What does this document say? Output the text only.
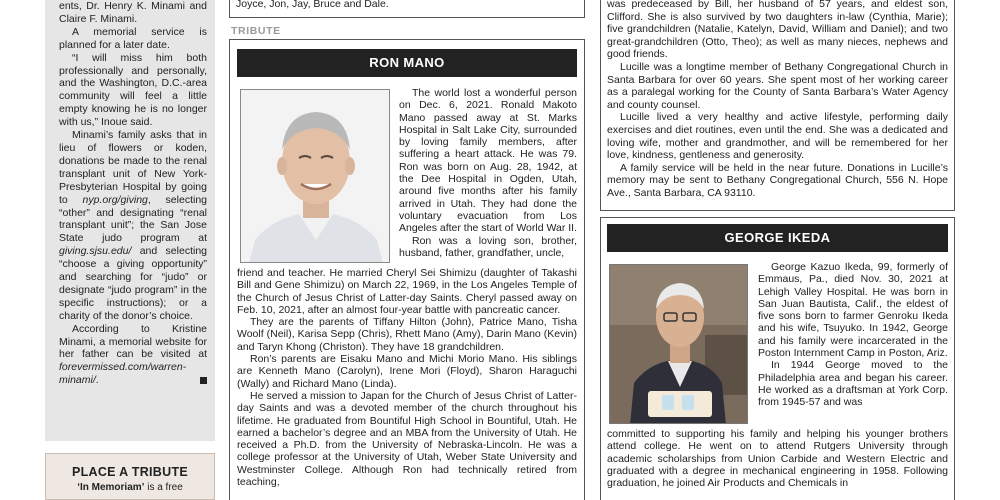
ents, Dr. Henry K. Minami and Claire F. Minami.

A memorial service is planned for a later date.

“I will miss him both professionally and personally, and the Washington, D.C.-area community will feel a little empty knowing he is no longer with us,” Inoue said.

Minami’s family asks that in lieu of flowers or koden, donations be made to the renal transplant unit of New York-Presbyterian Hospital by going to nyp.org/giving, selecting “other” and designating “renal transplant unit”; the San Jose State judo program at giving.sjsu.edu/ and selecting “choose a giving opportunity” and searching for “judo” or designate “judo program” in the specific instructions); or a charity of the donor’s choice.

According to Kristine Minami, a memorial website for her father can be visited at forevermissed.com/warren-minami/.

PLACE A TRIBUTE
‘In Memoriam’ is a free
Joyce, Jon, Jay, Bruce and Dale.
TRIBUTE
RON MANO

The world lost a wonderful person on Dec. 6, 2021. Ronald Makoto Mano passed away at St. Marks Hospital in Salt Lake City, surrounded by loving family members, after suffering a heart attack. He was 79. Ron was born on Aug. 28, 1942, at the Dee Hospital in Ogden, Utah, around five months after his family arrived in Utah. They had done the voluntary evacuation from Los Angeles after the start of World War II.

Ron was a loving son, brother, husband, father, grandfather, uncle,

friend and teacher. He married Cheryl Sei Shimizu (daughter of Takashi Bill and Gene Shimizu) on March 22, 1969, in the Los Angeles Temple of the Church of Jesus Christ of Latter-day Saints. Cheryl passed away on Feb. 10, 2021, after an almost four-year battle with pancreatic cancer.

They are the parents of Tiffany Hilton (John), Patrice Mano, Tisha Woolf (Neil), Karisa Sepp (Chris), Rhett Mano (Amy), Darin Mano (Kevin) and Taryn Khong (Christon). They have 18 grandchildren.

Ron’s parents are Eisaku Mano and Michi Morio Mano. His siblings are Kenneth Mano (Carolyn), Irene Mori (Floyd), Sharon Haraguchi (Wally) and Richard Mano (Linda).

He served a mission to Japan for the Church of Jesus Christ of Latter-day Saints and was a devoted member of the church throughout his lifetime. He graduated from Bountiful High School in Bountiful, Utah. He earned a bachelor’s degree and an MBA from the University of Utah. He received a Ph.D. from the University of Nebraska-Lincoln. He was a college professor at the University of Utah, Weber State University and Westminster College. Although Ron had technically retired from teaching,

was predeceased by Bill, her husband of 57 years, and eldest son, Clifford. She is also survived by two daughters in-law (Cynthia, Marie); five grandchildren (Natalie, Katelyn, David, William and Daniel); and two great-grandchildren (Otto, Theo); as well as many nieces, nephews and good friends.

Lucille was a longtime member of Bethany Congregational Church in Santa Barbara for over 60 years. She spent most of her working career as a paralegal working for the County of Santa Barbara’s Water Agency and county counsel.

Lucille lived a very healthy and active lifestyle, performing daily exercises and diet routines, even until the end. She was a dedicated and loving wife, mother and grandmother, and will be remembered for her love, kindness, gentleness and generosity.

A family service will be held in the near future. Donations in Lucille’s memory may be sent to Bethany Congregational Church, 556 N. Hope Ave., Santa Barbara, CA 93110.

GEORGE IKEDA

George Kazuo Ikeda, 99, formerly of Emmaus, Pa., died Nov. 30, 2021 at Lehigh Valley Hospital. He was born in San Juan Bautista, Calif., the eldest of five sons born to farmer Genroku Ikeda and his wife, Tsuyuko. In 1942, George and his family were incarcerated in the Poston Internment Camp in Poston, Ariz.

In 1944 George moved to the Philadelphia area and began his career. He worked as a draftsman at York Corp. from 1945-57 and was

committed to supporting his family and helping his younger brothers attend college. He went on to attend Rutgers University through academic scholarships from Union Carbide and Western Electric and graduated with a degree in mechanical engineering in 1958. Following graduation, he joined Air Products and Chemicals in
